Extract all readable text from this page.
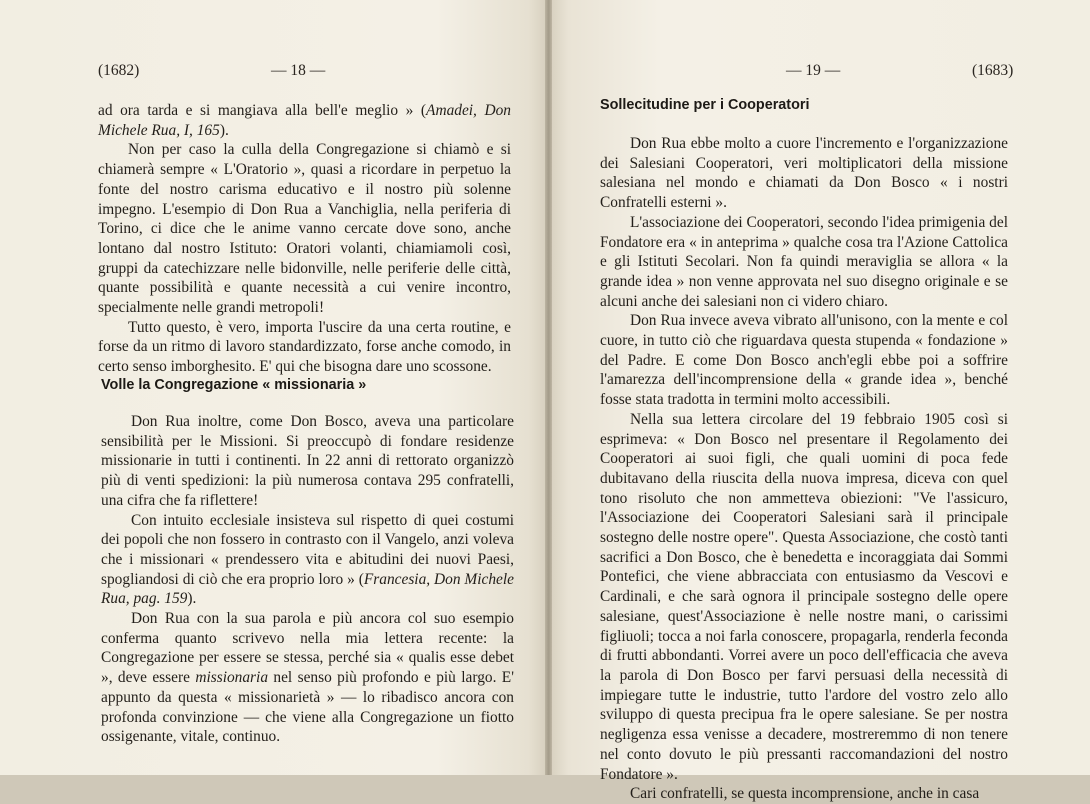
(1682)	— 18 —

ad ora tarda e si mangiava alla bell'e meglio » (Amadei, Don Michele Rua, I, 165).

Non per caso la culla della Congregazione si chiamò e si chiamerà sempre « L'Oratorio », quasi a ricordare in perpetuo la fonte del nostro carisma educativo e il nostro più solenne impegno. L'esempio di Don Rua a Vanchiglia, nella periferia di Torino, ci dice che le anime vanno cercate dove sono, anche lontano dal nostro Istituto: Oratori volanti, chiamiamoli così, gruppi da catechizzare nelle bidonville, nelle periferie delle città, quante possibilità e quante necessità a cui venire incontro, specialmente nelle grandi metropoli!

Tutto questo, è vero, importa l'uscire da una certa routine, e forse da un ritmo di lavoro standardizzato, forse anche comodo, in certo senso imborghesito. E' qui che bisogna dare uno scossone.

Volle la Congregazione « missionaria »

Don Rua inoltre, come Don Bosco, aveva una particolare sensibilità per le Missioni. Si preoccupò di fondare residenze missionarie in tutti i continenti. In 22 anni di rettorato organizzò più di venti spedizioni: la più numerosa contava 295 confratelli, una cifra che fa riflettere!

Con intuito ecclesiale insisteva sul rispetto di quei costumi dei popoli che non fossero in contrasto con il Vangelo, anzi voleva che i missionari « prendessero vita e abitudini dei nuovi Paesi, spogliandosi di ciò che era proprio loro » (Francesia, Don Michele Rua, pag. 159).

Don Rua con la sua parola e più ancora col suo esempio conferma quanto scrivevo nella mia lettera recente: la Congregazione per essere se stessa, perché sia « qualis esse debet », deve essere missionaria nel senso più profondo e più largo. E' appunto da questa « missionarietà » — lo ribadisco ancora con profonda convinzione — che viene alla Congregazione un fiotto ossigenante, vitale, continuo.

— 19 —	(1683)
Sollecitudine per i Cooperatori

Don Rua ebbe molto a cuore l'incremento e l'organizzazione dei Salesiani Cooperatori, veri moltiplicatori della missione salesiana nel mondo e chiamati da Don Bosco « i nostri Confratelli esterni ».

L'associazione dei Cooperatori, secondo l'idea primigenia del Fondatore era « in anteprima » qualche cosa tra l'Azione Cattolica e gli Istituti Secolari. Non fa quindi meraviglia se allora « la grande idea » non venne approvata nel suo disegno originale e se alcuni anche dei salesiani non ci videro chiaro.

Don Rua invece aveva vibrato all'unisono, con la mente e col cuore, in tutto ciò che riguardava questa stupenda « fondazione » del Padre. E come Don Bosco anch'egli ebbe poi a soffrire l'amarezza dell'incomprensione della « grande idea », benché fosse stata tradotta in termini molto accessibili.

Nella sua lettera circolare del 19 febbraio 1905 così si esprimeva: « Don Bosco nel presentare il Regolamento dei Cooperatori ai suoi figli, che quali uomini di poca fede dubitavano della riuscita della nuova impresa, diceva con quel tono risoluto che non ammetteva obiezioni: "Ve l'assicuro, l'Associazione dei Cooperatori Salesiani sarà il principale sostegno delle nostre opere". Questa Associazione, che costò tanti sacrifici a Don Bosco, che è benedetta e incoraggiata dai Sommi Pontefici, che viene abbracciata con entusiasmo da Vescovi e Cardinali, e che sarà ognora il principale sostegno delle opere salesiane, quest'Associazione è nelle nostre mani, o carissimi figliuoli; tocca a noi farla conoscere, propagarla, renderla feconda di frutti abbondanti. Vorrei avere un poco dell'efficacia che aveva la parola di Don Bosco per farvi persuasi della necessità di impiegare tutte le industrie, tutto l'ardore del vostro zelo allo sviluppo di questa precipua fra le opere salesiane. Se per nostra negligenza essa venisse a decadere, mostreremmo di non tenere nel conto dovuto le più pressanti raccomandazioni del nostro Fondatore ».

Cari confratelli, se questa incomprensione, anche in casa
